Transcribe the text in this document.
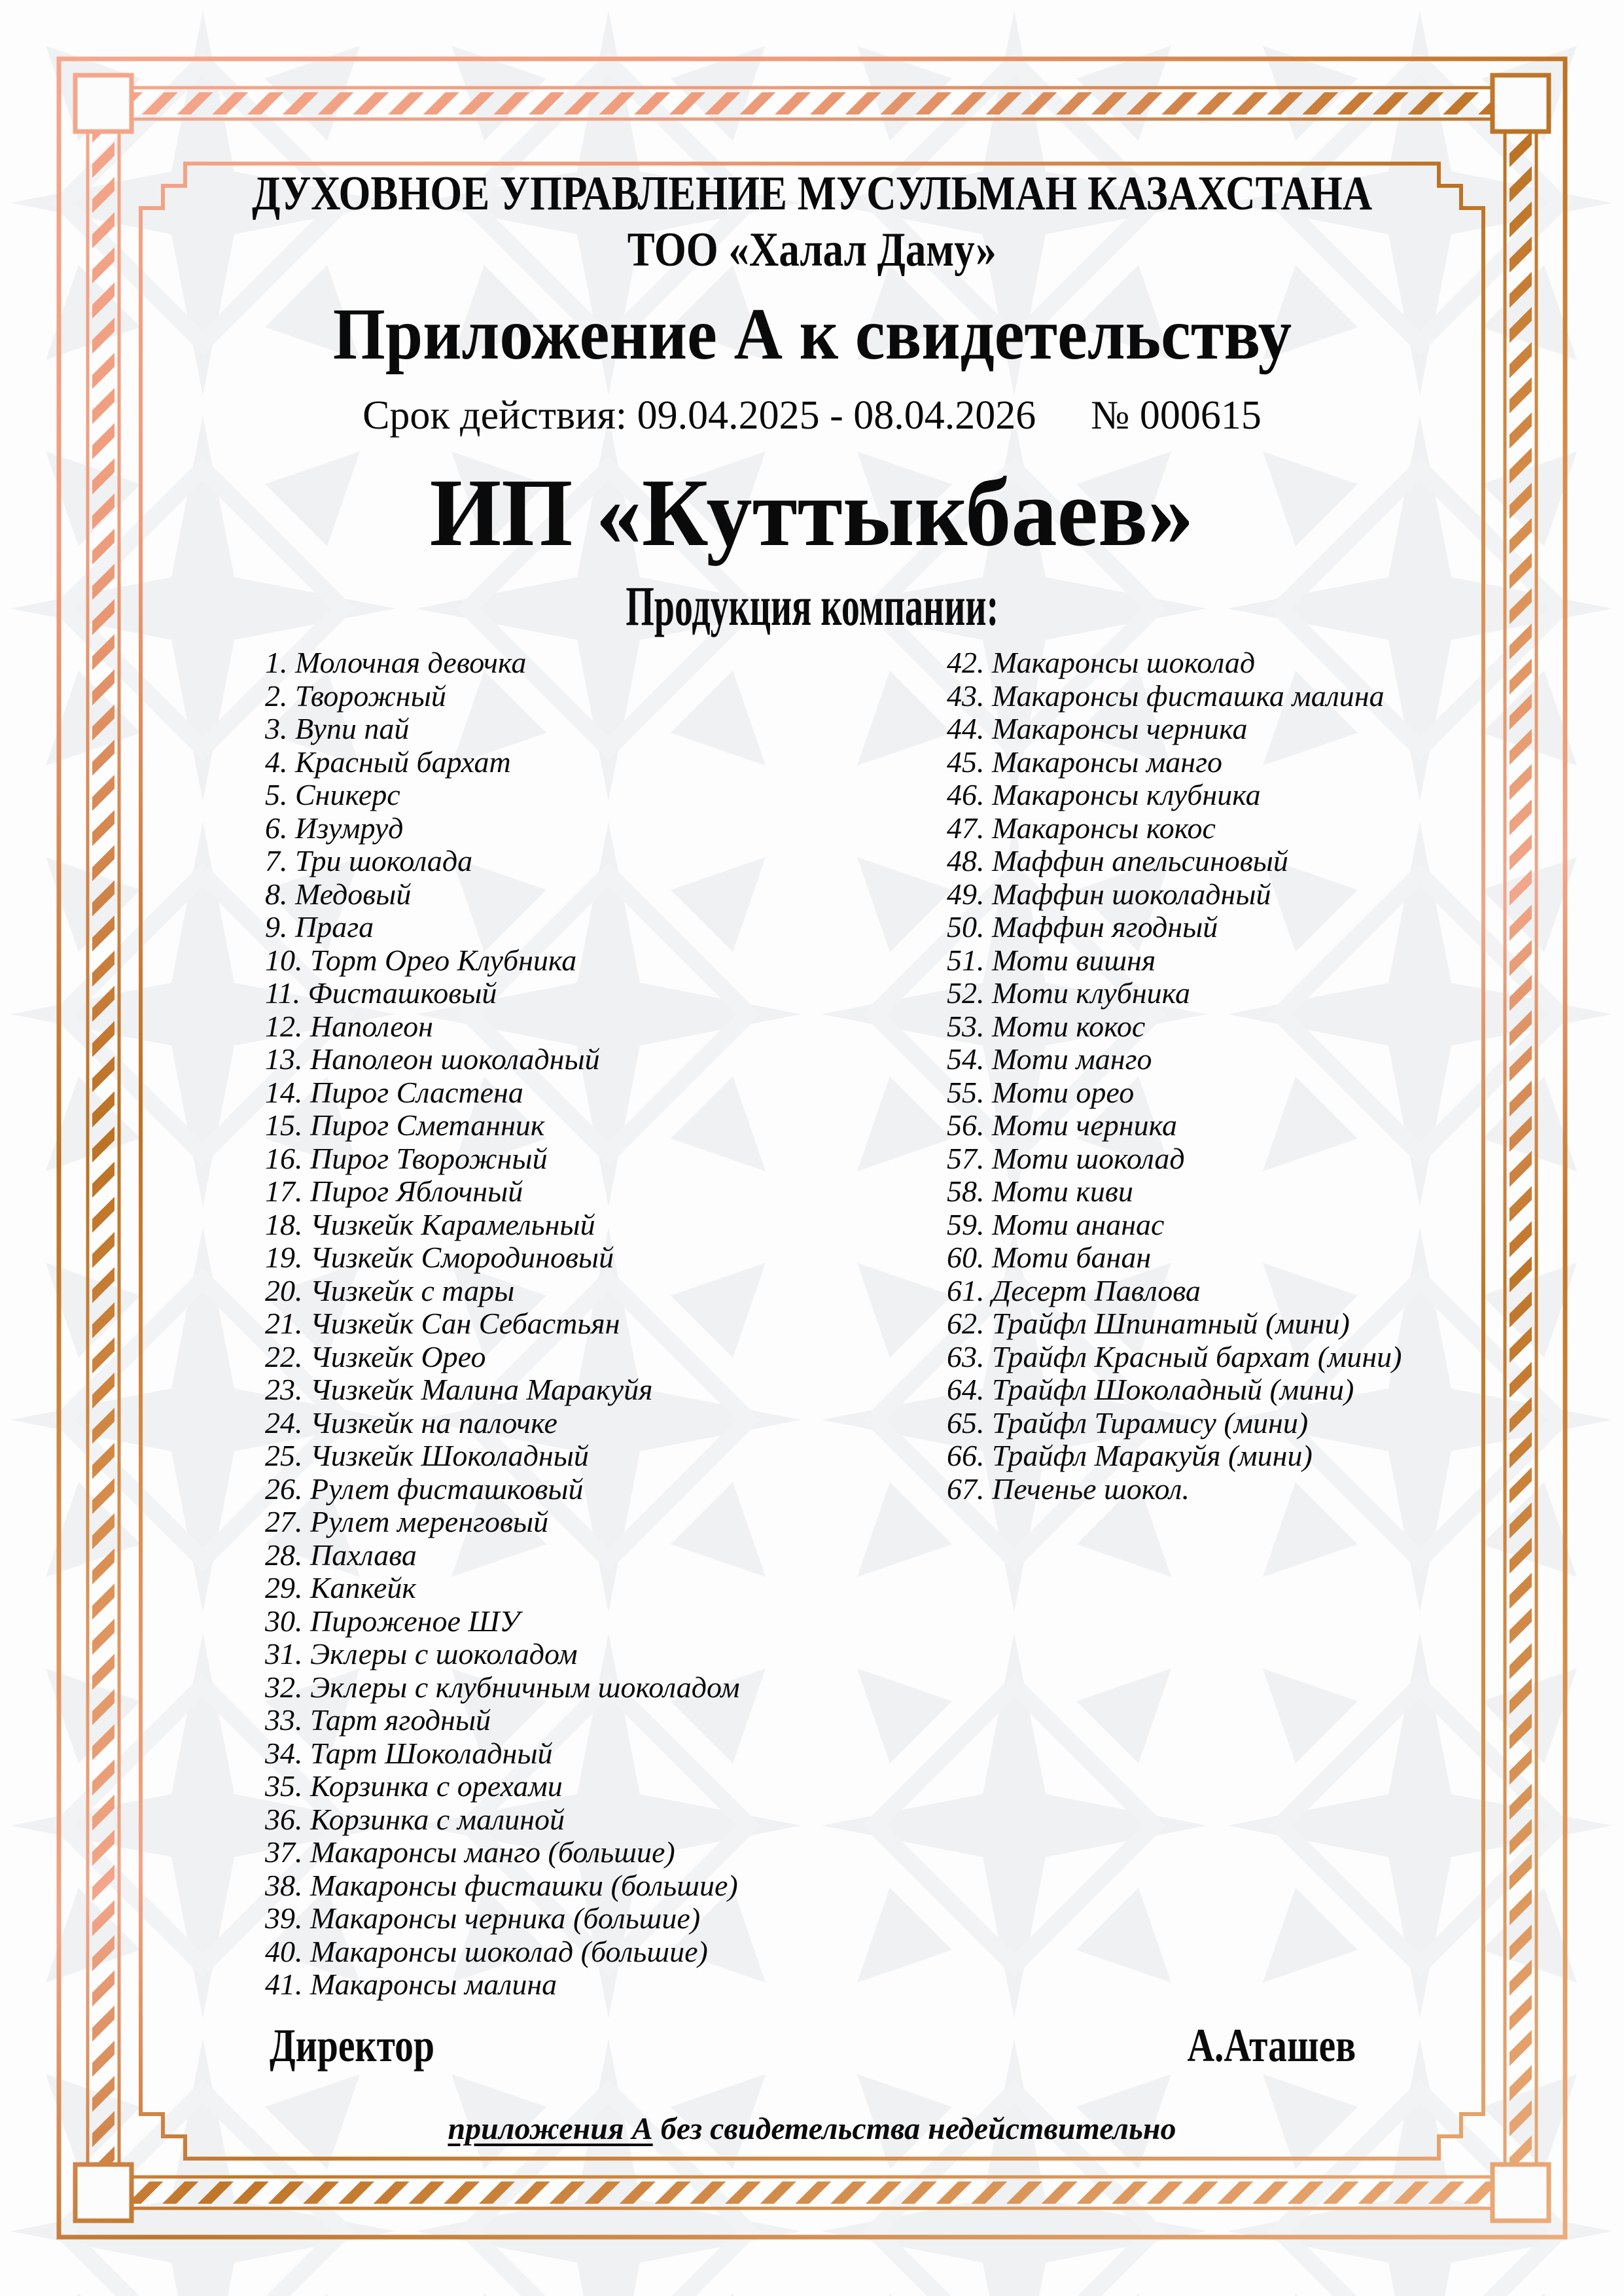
ДУХОВНОЕ УПРАВЛЕНИЕ МУСУЛЬМАН КАЗАХСТАНА
ТОО «Халал Даму»
Приложение А к свидетельству
Срок действия: 09.04.2025 - 08.04.2026 № 000615
ИП «Куттыкбаев»
Продукция компании:
1. Молочная девочка
2. Творожный
3. Вупи пай
4. Красный бархат
5. Сникерс
6. Изумруд
7. Три шоколада
8. Медовый
9. Прага
10. Торт Орео Клубника
11. Фисташковый
12. Наполеон
13. Наполеон шоколадный
14. Пирог Сластена
15. Пирог Сметанник
16. Пирог Творожный
17. Пирог Яблочный
18. Чизкейк Карамельный
19. Чизкейк Смородиновый
20. Чизкейк с тары
21. Чизкейк Сан Себастьян
22. Чизкейк Орео
23. Чизкейк Малина Маракуйя
24. Чизкейк на палочке
25. Чизкейк Шоколадный
26. Рулет фисташковый
27. Рулет меренговый
28. Пахлава
29. Капкейк
30. Пироженое ШУ
31. Эклеры с шоколадом
32. Эклеры с клубничным шоколадом
33. Тарт ягодный
34. Тарт Шоколадный
35. Корзинка с орехами
36. Корзинка с малиной
37. Макаронсы манго (большие)
38. Макаронсы фисташки (большие)
39. Макаронсы черника (большие)
40. Макаронсы шоколад (большие)
41. Макаронсы малина
42. Макаронсы шоколад
43. Макаронсы фисташка малина
44. Макаронсы черника
45. Макаронсы манго
46. Макаронсы клубника
47. Макаронсы кокос
48. Маффин апельсиновый
49. Маффин шоколадный
50. Маффин ягодный
51. Моти вишня
52. Моти клубника
53. Моти кокос
54. Моти манго
55. Моти орео
56. Моти черника
57. Моти шоколад
58. Моти киви
59. Моти ананас
60. Моти банан
61. Десерт Павлова
62. Трайфл Шпинатный (мини)
63. Трайфл Красный бархат (мини)
64. Трайфл Шоколадный (мини)
65. Трайфл Тирамису (мини)
66. Трайфл Маракуйя (мини)
67. Печенье шокол.
Директор	А.Аташев
приложения А без свидетельства недействительно
